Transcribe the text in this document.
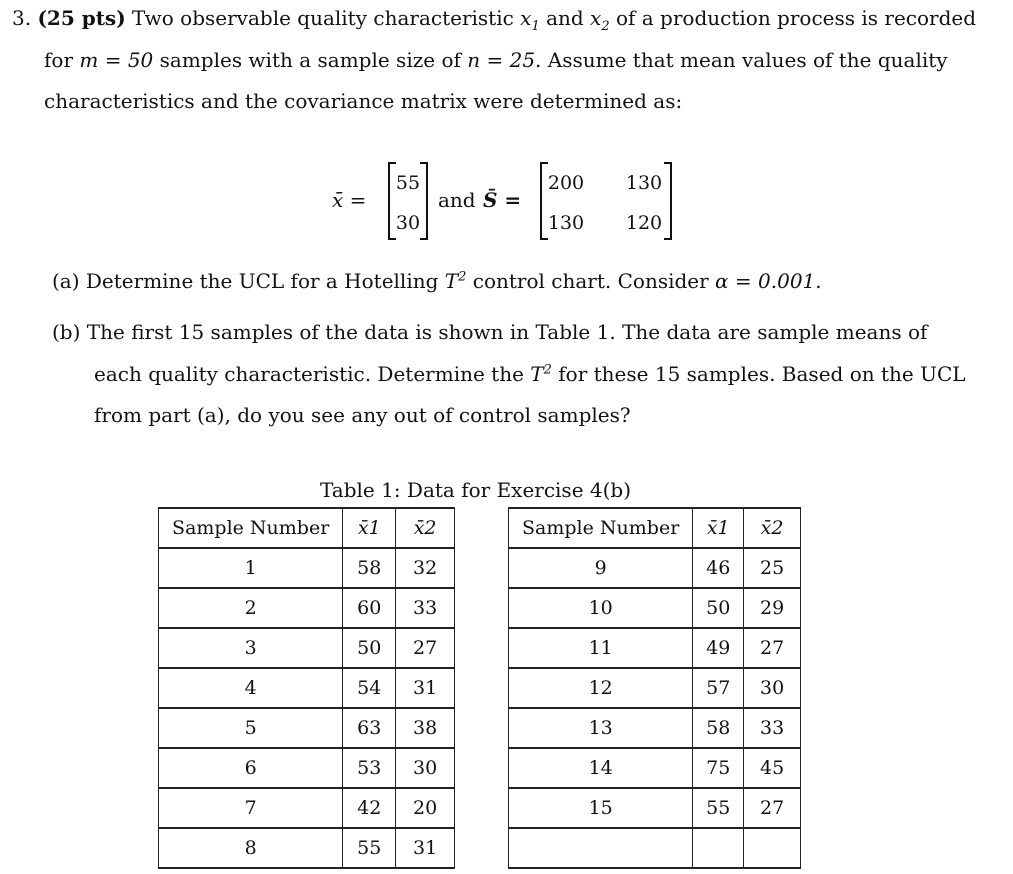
3. (25 pts) Two observable quality characteristic $x_1$ and $x_2$ of a production process is recorded
for m = 50 samples with a sample size of n = 25. Assume that mean values of the quality
characteristics and the covariance matrix were determined as:
x̄̄ =
55
30
and S̄ =
200 130
130 120
(a) Determine the UCL for a Hotelling $T^2$ control chart. Consider α = 0.001.
(b) The first 15 samples of the data is shown in Table 1. The data are sample means of
each quality characteristic. Determine the $T^2$ for these 15 samples. Based on the UCL
from part (a), do you see any out of control samples?
Table 1: Data for Exercise 4(b)
Sample Number	x̄1	x̄2
1	58	32
2	60	33
3	50	27
4	54	31
5	63	38
6	53	30
7	42	20
8	55	31
Sample Number	x̄1	x̄2
9	46	25
10	50	29
11	49	27
12	57	30
13	58	33
14	75	45
15	55	27
